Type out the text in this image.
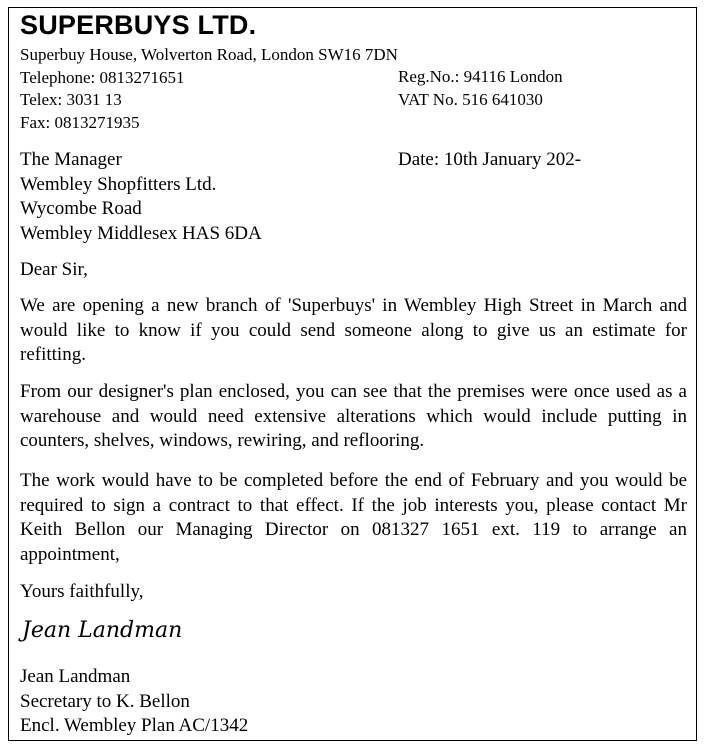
SUPERBUYS LTD.
Superbuy House, Wolverton Road, London SW16 7DN
Telephone: 0813271651
Telex: 3031 13
Fax: 0813271935
Reg.No.: 94116 London
VAT No. 516 641030
The Manager
Wembley Shopfitters Ltd.
Wycombe Road
Wembley Middlesex HAS 6DA
Date: 10th January 202-
Dear Sir,
We are opening a new branch of 'Superbuys' in Wembley High Street in March and would like to know if you could send someone along to give us an estimate for refitting.
From our designer's plan enclosed, you can see that the premises were once used as a warehouse and would need extensive alterations which would include putting in counters, shelves, windows, rewiring, and reflooring.
The work would have to be completed before the end of February and you would be required to sign a contract to that effect. If the job interests you, please contact Mr Keith Bellon our Managing Director on 081327 1651 ext. 119 to arrange an appointment,
Yours faithfully,
Jean Landman
Jean Landman
Secretary to K. Bellon
Encl. Wembley Plan AC/1342
